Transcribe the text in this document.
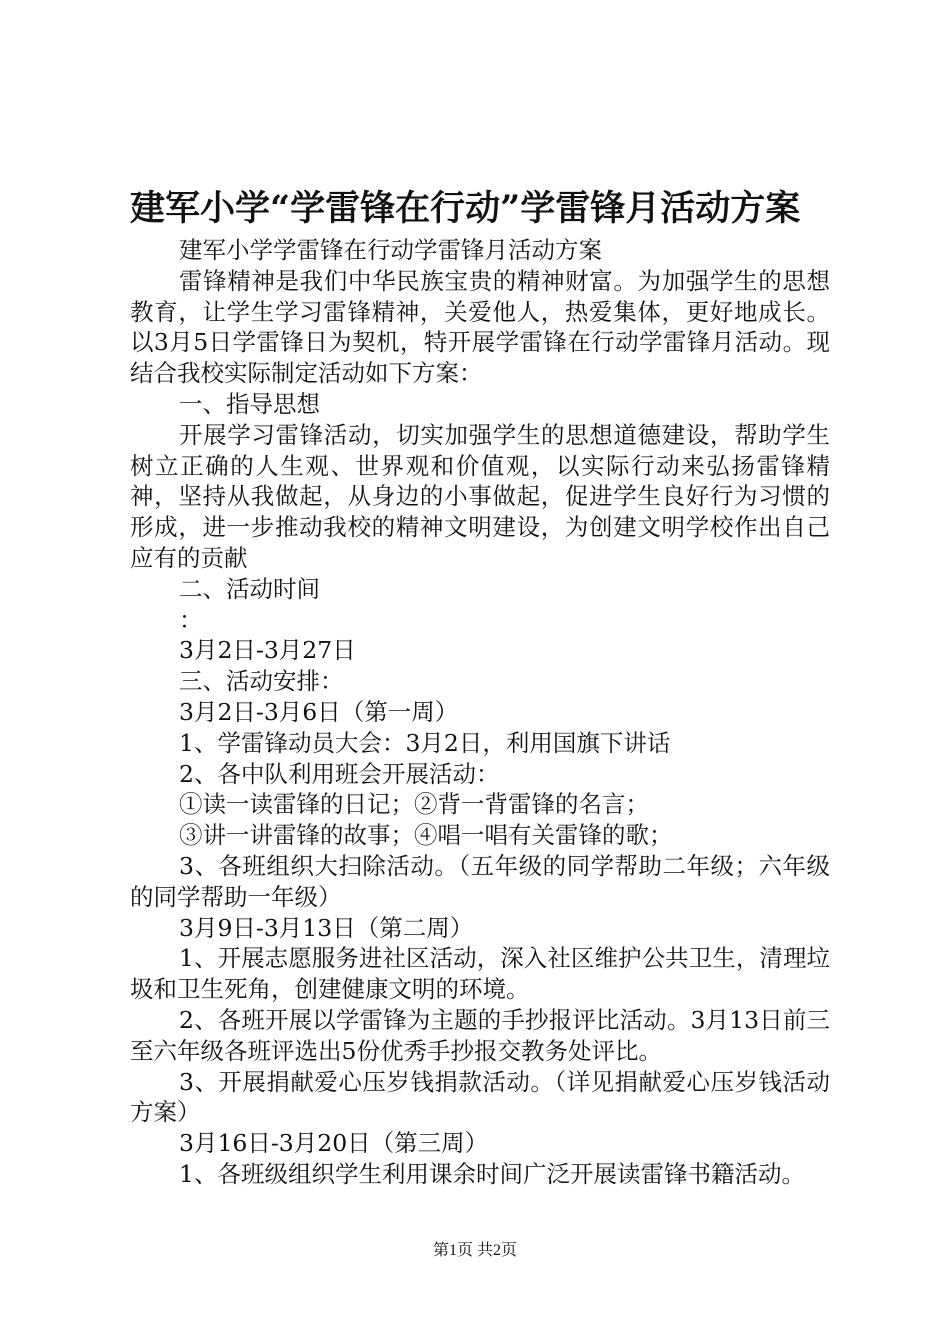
建军小学“学雷锋在行动”学雷锋月活动方案

建军小学学雷锋在行动学雷锋月活动方案

雷锋精神是我们中华民族宝贵的精神财富。为加强学生的思想教育，让学生学习雷锋精神，关爱他人，热爱集体，更好地成长。以3月5日学雷锋日为契机，特开展学雷锋在行动学雷锋月活动。现结合我校实际制定活动如下方案：

一、指导思想

开展学习雷锋活动，切实加强学生的思想道德建设，帮助学生树立正确的人生观、世界观和价值观，以实际行动来弘扬雷锋精神，坚持从我做起，从身边的小事做起，促进学生良好行为习惯的形成，进一步推动我校的精神文明建设，为创建文明学校作出自己应有的贡献

二、活动时间

：

3月2日-3月27日

三、活动安排：

3月2日-3月6日（第一周）

1、学雷锋动员大会：3月2日，利用国旗下讲话

2、各中队利用班会开展活动：

①读一读雷锋的日记；②背一背雷锋的名言；

③讲一讲雷锋的故事；④唱一唱有关雷锋的歌；

3、各班组织大扫除活动。（五年级的同学帮助二年级；六年级的同学帮助一年级）

3月9日-3月13日（第二周）

1、开展志愿服务进社区活动，深入社区维护公共卫生，清理垃圾和卫生死角，创建健康文明的环境。

2、各班开展以学雷锋为主题的手抄报评比活动。3月13日前三至六年级各班评选出5份优秀手抄报交教务处评比。

3、开展捐献爱心压岁钱捐款活动。（详见捐献爱心压岁钱活动方案）

3月16日-3月20日（第三周）

1、各班级组织学生利用课余时间广泛开展读雷锋书籍活动。

第1页 共2页
